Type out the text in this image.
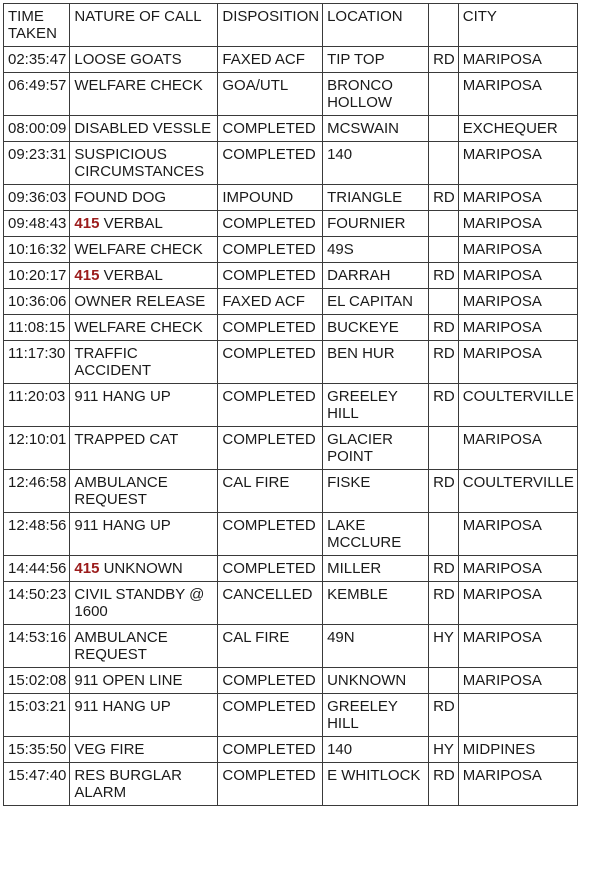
TIME TAKEN	NATURE OF CALL	DISPOSITION	LOCATION		CITY
02:35:47	LOOSE GOATS	FAXED ACF	TIP TOP	RD	MARIPOSA
06:49:57	WELFARE CHECK	GOA/UTL	BRONCO HOLLOW		MARIPOSA
08:00:09	DISABLED VESSLE	COMPLETED	MCSWAIN		EXCHEQUER
09:23:31	SUSPICIOUS CIRCUMSTANCES	COMPLETED	140		MARIPOSA
09:36:03	FOUND DOG	IMPOUND	TRIANGLE	RD	MARIPOSA
09:48:43	415 VERBAL	COMPLETED	FOURNIER		MARIPOSA
10:16:32	WELFARE CHECK	COMPLETED	49S		MARIPOSA
10:20:17	415 VERBAL	COMPLETED	DARRAH	RD	MARIPOSA
10:36:06	OWNER RELEASE	FAXED ACF	EL CAPITAN		MARIPOSA
11:08:15	WELFARE CHECK	COMPLETED	BUCKEYE	RD	MARIPOSA
11:17:30	TRAFFIC ACCIDENT	COMPLETED	BEN HUR	RD	MARIPOSA
11:20:03	911 HANG UP	COMPLETED	GREELEY HILL	RD	COULTERVILLE
12:10:01	TRAPPED CAT	COMPLETED	GLACIER POINT		MARIPOSA
12:46:58	AMBULANCE REQUEST	CAL FIRE	FISKE	RD	COULTERVILLE
12:48:56	911 HANG UP	COMPLETED	LAKE MCCLURE		MARIPOSA
14:44:56	415 UNKNOWN	COMPLETED	MILLER	RD	MARIPOSA
14:50:23	CIVIL STANDBY @ 1600	CANCELLED	KEMBLE	RD	MARIPOSA
14:53:16	AMBULANCE REQUEST	CAL FIRE	49N	HY	MARIPOSA
15:02:08	911 OPEN LINE	COMPLETED	UNKNOWN		MARIPOSA
15:03:21	911 HANG UP	COMPLETED	GREELEY HILL	RD	
15:35:50	VEG FIRE	COMPLETED	140	HY	MIDPINES
15:47:40	RES BURGLAR ALARM	COMPLETED	E WHITLOCK	RD	MARIPOSA
